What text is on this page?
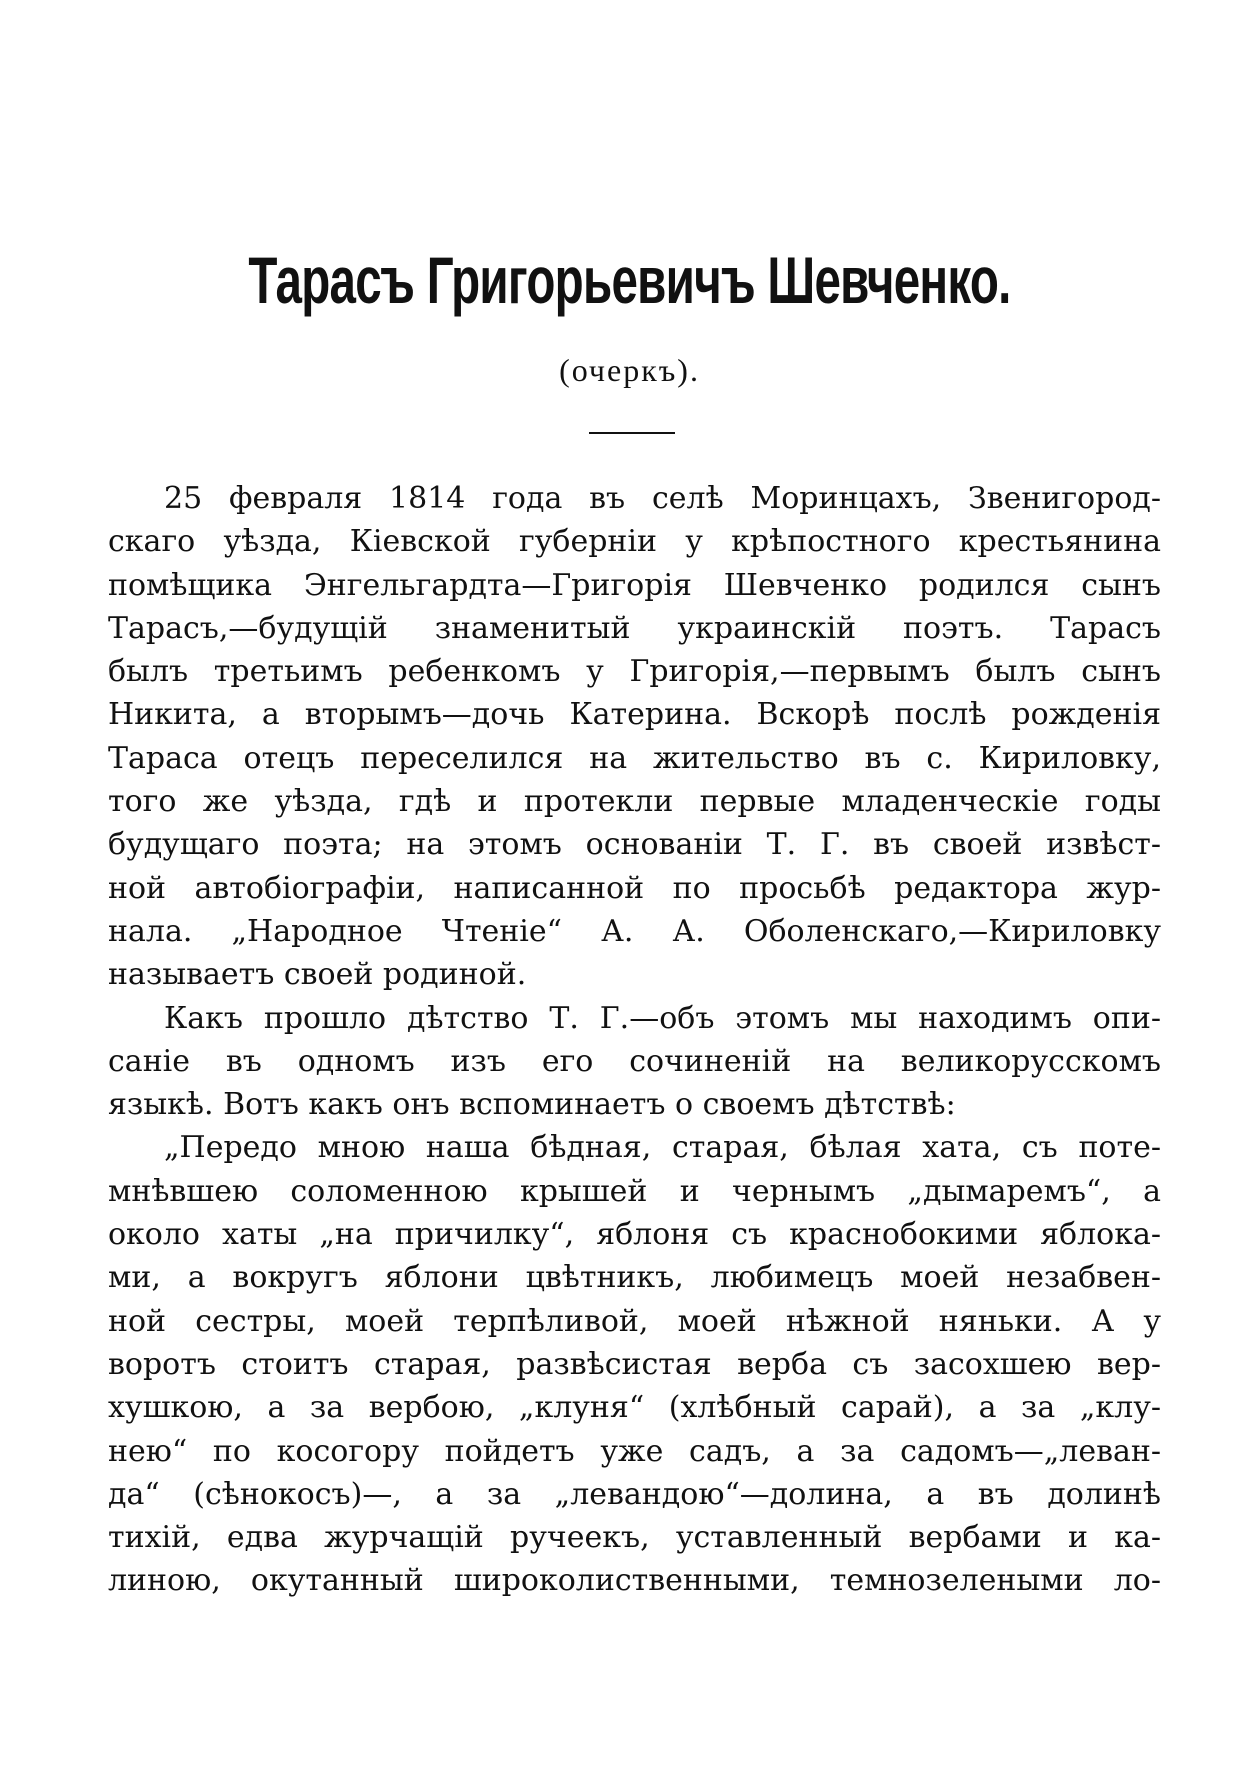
Тарасъ Григорьевичъ Шевченко.
(очеркъ).
25 февраля 1814 года въ селѣ Моринцахъ, Звенигород-
скаго уѣзда, Кіевской губерніи у крѣпостного крестьянина
помѣщика Энгельгардта—Григорія Шевченко родился сынъ
Тарасъ,—будущій знаменитый украинскій поэтъ. Тарасъ
былъ третьимъ ребенкомъ у Григорія,—первымъ былъ сынъ
Никита, а вторымъ—дочь Катерина. Вскорѣ послѣ рожденія
Тараса отецъ переселился на жительство въ с. Кириловку,
того же уѣзда, гдѣ и протекли первые младенческіе годы
будущаго поэта; на этомъ основаніи Т. Г. въ своей извѣст-
ной автобіографіи, написанной по просьбѣ редактора жур-
нала. „Народное Чтеніе“ А. А. Оболенскаго,—Кириловку
называетъ своей родиной.
Какъ прошло дѣтство Т. Г.—объ этомъ мы находимъ опи-
саніе въ одномъ изъ его сочиненій на великорусскомъ
языкѣ. Вотъ какъ онъ вспоминаетъ о своемъ дѣтствѣ:
„Передо мною наша бѣдная, старая, бѣлая хата, съ поте-
мнѣвшею соломенною крышей и чернымъ „дымаремъ“, а
около хаты „на причилку“, яблоня съ краснобокими яблока-
ми, а вокругъ яблони цвѣтникъ, любимецъ моей незабвен-
ной сестры, моей терпѣливой, моей нѣжной няньки. А у
воротъ стоитъ старая, развѣсистая верба съ засохшею вер-
хушкою, а за вербою, „клуня“ (хлѣбный сарай), а за „клу-
нею“ по косогору пойдетъ уже садъ, а за садомъ—„леван-
да“ (сѣнокосъ)—, а за „левандою“—долина, а въ долинѣ
тихій, едва журчащій ручеекъ, уставленный вербами и ка-
линою, окутанный широколиственными, темнозелеными ло-
